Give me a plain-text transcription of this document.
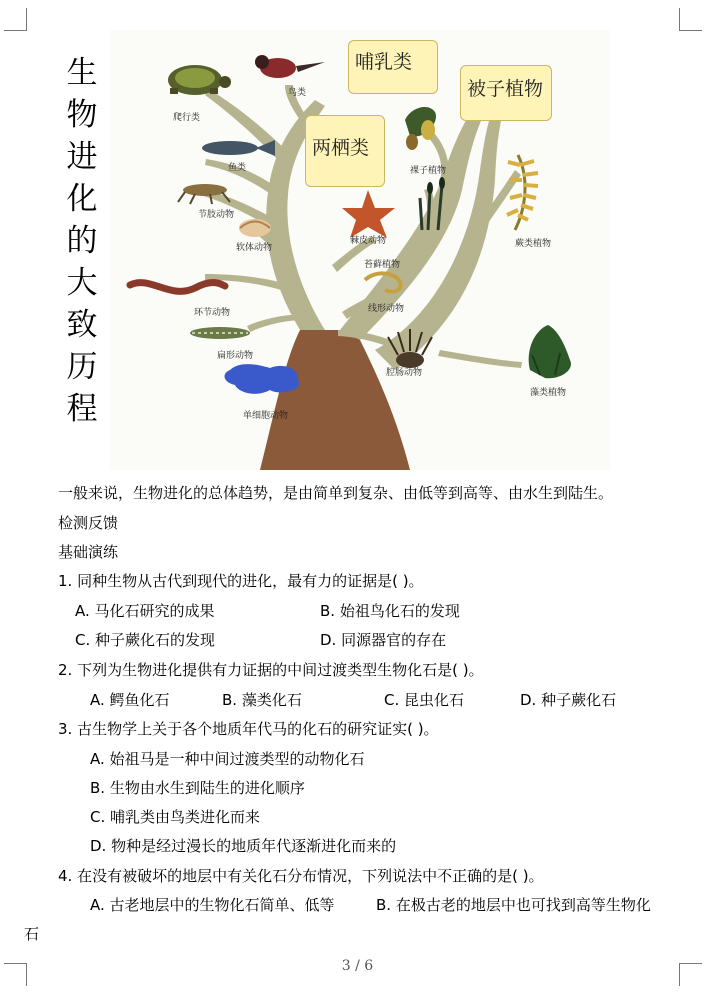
生
物
进
化
的
大
致
历
程
哺乳类
被子植物
两栖类
爬行类
鸟类
鱼类
节肢动物
软体动物
环节动物
扁形动物
单细胞动物
裸子植物
棘皮动物
苔藓植物
蕨类植物
线形动物
腔肠动物
藻类植物
一般来说，生物进化的总体趋势，是由简单到复杂、由低等到高等、由水生到陆生。
检测反馈
基础演练
1. 同种生物从古代到现代的进化，最有力的证据是( )。
A. 马化石研究的成果	B. 始祖鸟化石的发现
C. 种子蕨化石的发现	D. 同源器官的存在
2. 下列为生物进化提供有力证据的中间过渡类型生物化石是( )。
A. 鳄鱼化石	B. 藻类化石	C. 昆虫化石	D. 种子蕨化石
3. 古生物学上关于各个地质年代马的化石的研究证实( )。
A. 始祖马是一种中间过渡类型的动物化石
B. 生物由水生到陆生的进化顺序
C. 哺乳类由鸟类进化而来
D. 物种是经过漫长的地质年代逐渐进化而来的
4. 在没有被破坏的地层中有关化石分布情况，下列说法中不正确的是( )。
A. 古老地层中的生物化石简单、低等	B. 在极古老的地层中也可找到高等生物化
石
3 / 6
